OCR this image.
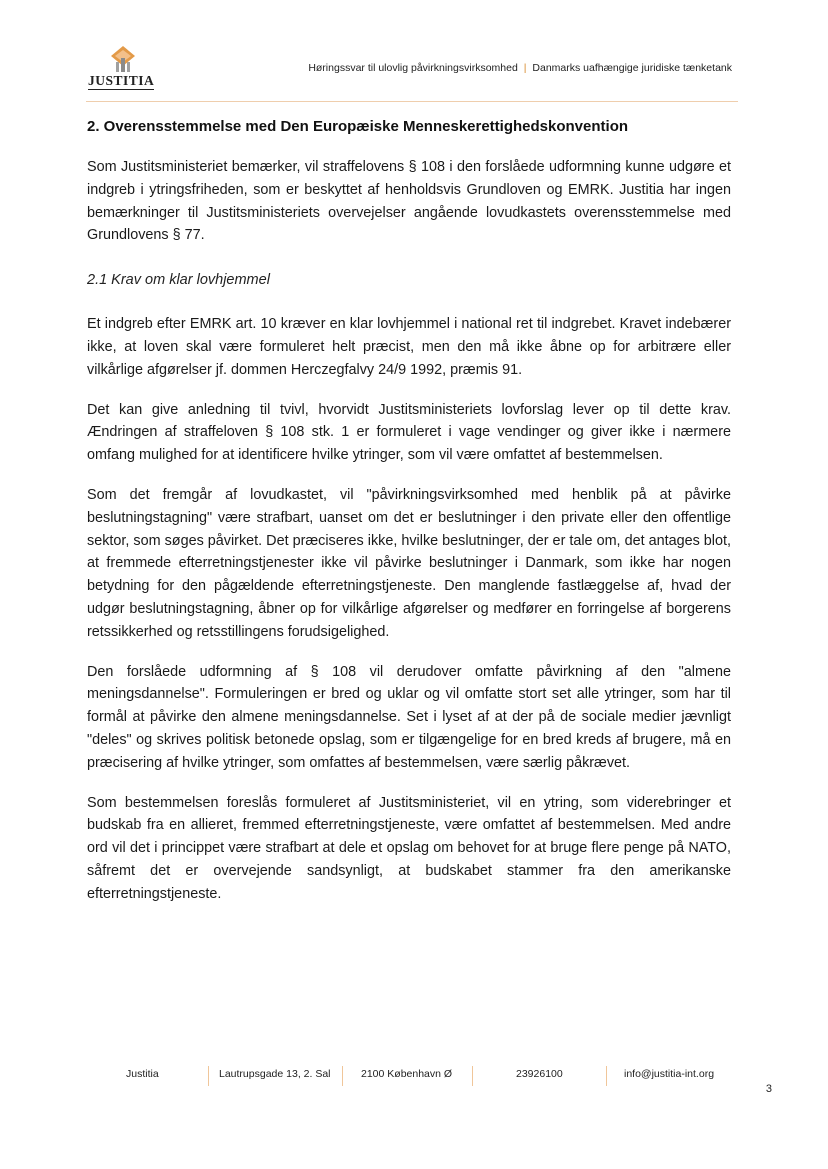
JUSTITIA
Høringssvar til ulovlig påvirkningsvirksomhed | Danmarks uafhængige juridiske tænketank
2. Overensstemmelse med Den Europæiske Menneskerettighedskonvention

Som Justitsministeriet bemærker, vil straffelovens § 108 i den forslåede udformning kunne udgøre et indgreb i ytringsfriheden, som er beskyttet af henholdsvis Grundloven og EMRK. Justitia har ingen bemærkninger til Justitsministeriets overvejelser angående lovudkastets overensstemmelse med Grundlovens § 77.

2.1 Krav om klar lovhjemmel

Et indgreb efter EMRK art. 10 kræver en klar lovhjemmel i national ret til indgrebet. Kravet indebærer ikke, at loven skal være formuleret helt præcist, men den må ikke åbne op for arbitrære eller vilkårlige afgørelser jf. dommen Herczegfalvy 24/9 1992, præmis 91.

Det kan give anledning til tvivl, hvorvidt Justitsministeriets lovforslag lever op til dette krav. Ændringen af straffeloven § 108 stk. 1 er formuleret i vage vendinger og giver ikke i nærmere omfang mulighed for at identificere hvilke ytringer, som vil være omfattet af bestemmelsen.

Som det fremgår af lovudkastet, vil "påvirkningsvirksomhed med henblik på at påvirke beslutningstagning" være strafbart, uanset om det er beslutninger i den private eller den offentlige sektor, som søges påvirket. Det præciseres ikke, hvilke beslutninger, der er tale om, det antages blot, at fremmede efterretningstjenester ikke vil påvirke beslutninger i Danmark, som ikke har nogen betydning for den pågældende efterretningstjeneste. Den manglende fastlæggelse af, hvad der udgør beslutningstagning, åbner op for vilkårlige afgørelser og medfører en forringelse af borgerens retssikkerhed og retsstillingens forudsigelighed.

Den forslåede udformning af § 108 vil derudover omfatte påvirkning af den "almene meningsdannelse". Formuleringen er bred og uklar og vil omfatte stort set alle ytringer, som har til formål at påvirke den almene meningsdannelse. Set i lyset af at der på de sociale medier jævnligt "deles" og skrives politisk betonede opslag, som er tilgængelige for en bred kreds af brugere, må en præcisering af hvilke ytringer, som omfattes af bestemmelsen, være særlig påkrævet.

Som bestemmelsen foreslås formuleret af Justitsministeriet, vil en ytring, som viderebringer et budskab fra en allieret, fremmed efterretningstjeneste, være omfattet af bestemmelsen. Med andre ord vil det i princippet være strafbart at dele et opslag om behovet for at bruge flere penge på NATO, såfremt det er overvejende sandsynligt, at budskabet stammer fra den amerikanske efterretningstjeneste.

Justitia	Lautrupsgade 13, 2. Sal	2100 København Ø	23926100	info@justitia-int.org
3
